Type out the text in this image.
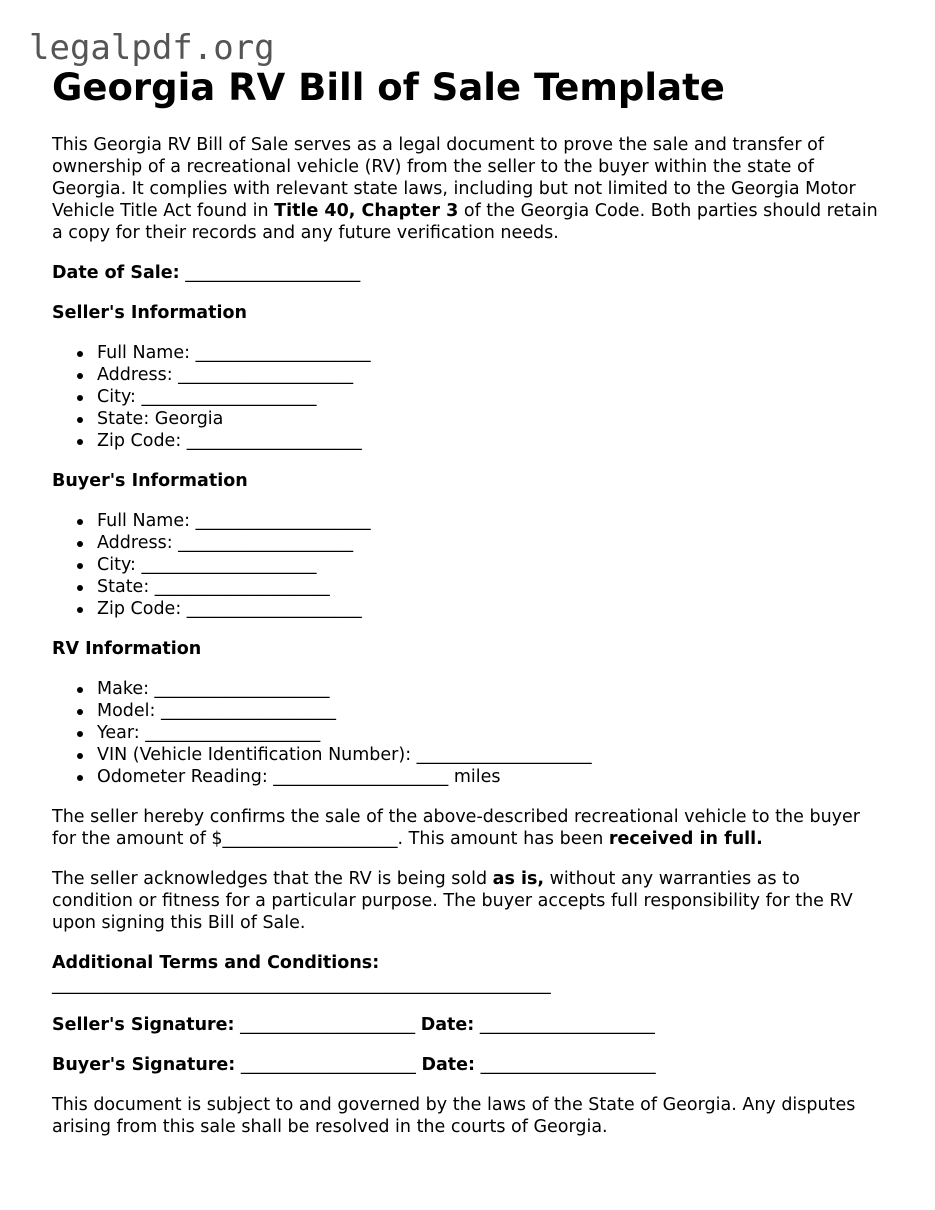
legalpdf.org
Georgia RV Bill of Sale Template

This Georgia RV Bill of Sale serves as a legal document to prove the sale and transfer of ownership of a recreational vehicle (RV) from the seller to the buyer within the state of Georgia. It complies with relevant state laws, including but not limited to the Georgia Motor Vehicle Title Act found in Title 40, Chapter 3 of the Georgia Code. Both parties should retain a copy for their records and any future verification needs.

Date of Sale: ____________________

Seller's Information
Full Name: ____________________
Address: ____________________
City: ____________________
State: Georgia
Zip Code: ____________________
Buyer's Information
Full Name: ____________________
Address: ____________________
City: ____________________
State: ____________________
Zip Code: ____________________
RV Information
Make: ____________________
Model: ____________________
Year: ____________________
VIN (Vehicle Identification Number): ____________________
Odometer Reading: ____________________ miles

The seller hereby confirms the sale of the above-described recreational vehicle to the buyer for the amount of $____________________. This amount has been received in full.

The seller acknowledges that the RV is being sold as is, without any warranties as to condition or fitness for a particular purpose. The buyer accepts full responsibility for the RV upon signing this Bill of Sale.

Additional Terms and Conditions:
_________________________________________________________

Seller's Signature: ____________________ Date: ____________________

Buyer's Signature: ____________________ Date: ____________________

This document is subject to and governed by the laws of the State of Georgia. Any disputes arising from this sale shall be resolved in the courts of Georgia.
